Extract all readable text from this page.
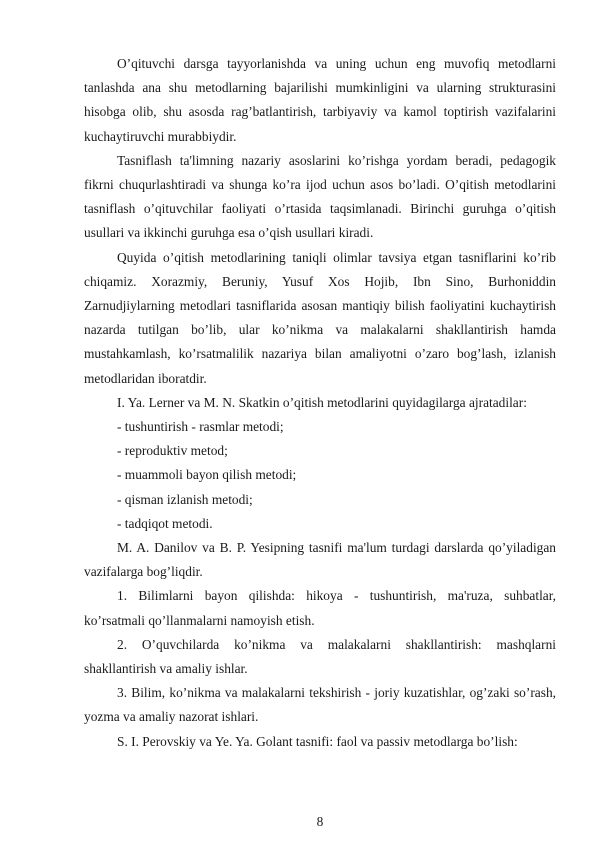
O’qituvchi darsga tayyorlanishda va uning uchun eng muvofiq metodlarni tanlashda ana shu metodlarning bajarilishi mumkinligini va ularning strukturasini hisobga olib, shu asosda rag’batlantirish, tarbiyaviy va kamol toptirish vazifalarini kuchaytiruvchi murabbiydir.

Tasniflash ta'limning nazariy asoslarini ko’rishga yordam beradi, pedagogik fikrni chuqurlashtiradi va shunga ko’ra ijod uchun asos bo’ladi. O’qitish metodlarini tasniflash o’qituvchilar faoliyati o’rtasida taqsimlanadi. Birinchi guruhga o’qitish usullari va ikkinchi guruhga esa o’qish usullari kiradi.

Quyida o’qitish metodlarining taniqli olimlar tavsiya etgan tasniflarini ko’rib chiqamiz. Xorazmiy, Beruniy, Yusuf Xos Hojib, Ibn Sino, Burhoniddin Zarnudjiylarning metodlari tasniflarida asosan mantiqiy bilish faoliyatini kuchaytirish nazarda tutilgan bo’lib, ular ko’nikma va malakalarni shakllantirish hamda mustahkamlash, ko’rsatmalilik nazariya bilan amaliyotni o’zaro bog’lash, izlanish metodlaridan iboratdir.

I. Ya. Lerner va M. N. Skatkin o’qitish metodlarini quyidagilarga ajratadilar:

- tushuntirish - rasmlar metodi;

- reproduktiv metod;

- muammoli bayon qilish metodi;

- qisman izlanish metodi;

- tadqiqot metodi.

M. A. Danilov va B. P. Yesipning tasnifi ma'lum turdagi darslarda qo’yiladigan vazifalarga bog’liqdir.

1. Bilimlarni bayon qilishda: hikoya - tushuntirish, ma'ruza, suhbatlar, ko’rsatmali qo’llanmalarni namoyish etish.

2. O’quvchilarda ko’nikma va malakalarni shakllantirish: mashqlarni shakllantirish va amaliy ishlar.

3. Bilim, ko’nikma va malakalarni tekshirish - joriy kuzatishlar, og’zaki so’rash, yozma va amaliy nazorat ishlari.

S. I. Perovskiy va Ye. Ya. Golant tasnifi: faol va passiv metodlarga bo’lish:

8
